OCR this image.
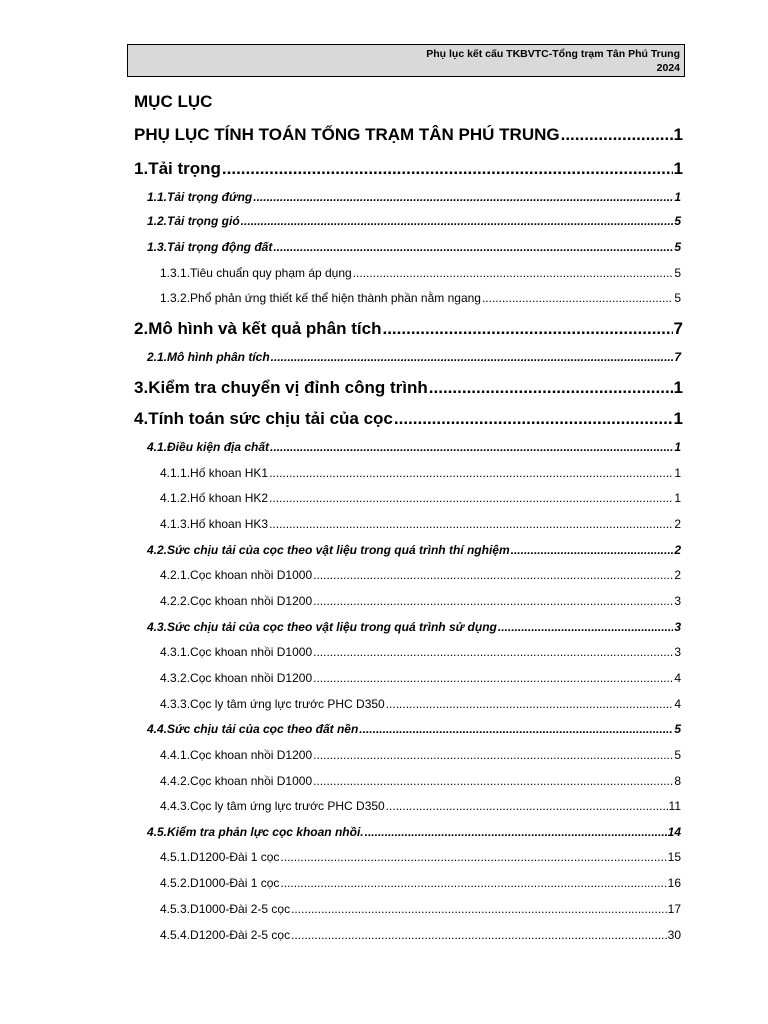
Phụ lục kết cấu TKBVTC-Tổng trạm Tân Phú Trung
2024
MỤC LỤC
PHỤ LỤC TÍNH TOÁN TỔNG TRẠM TÂN PHÚ TRUNG .....	1
1. Tải trọng .....	1
1.1. Tải trọng đứng .....	1
1.2. Tải trọng gió .....	5
1.3. Tải trọng động đất .....	5
1.3.1. Tiêu chuẩn quy phạm áp dụng .....	5
1.3.2. Phổ phản ứng thiết kế thể hiện thành phần nằm ngang .....	5
2. Mô hình và kết quả phân tích .....	7
2.1. Mô hình phân tích .....	7
3. Kiểm tra chuyển vị đỉnh công trình .....	1
4. Tính toán sức chịu tải của cọc .....	1
4.1. Điều kiện địa chất .....	1
4.1.1. Hố khoan HK1 .....	1
4.1.2. Hố khoan HK2 .....	1
4.1.3. Hố khoan HK3 .....	2
4.2. Sức chịu tải của cọc theo vật liệu trong quá trình thí nghiệm .....	2
4.2.1. Cọc khoan nhồi D1000 .....	2
4.2.2. Cọc khoan nhồi D1200 .....	3
4.3. Sức chịu tải của cọc theo vật liệu trong quá trình sử dụng .....	3
4.3.1. Cọc khoan nhồi D1000 .....	3
4.3.2. Cọc khoan nhồi D1200 .....	4
4.3.3. Cọc ly tâm ứng lực trước PHC D350 .....	4
4.4. Sức chịu tải của cọc theo đất nền .....	5
4.4.1. Cọc khoan nhồi D1200 .....	5
4.4.2. Cọc khoan nhồi D1000 .....	8
4.4.3. Cọc ly tâm ứng lực trước PHC D350 .....	11
4.5. Kiểm tra phản lực cọc khoan nhồi. .....	14
4.5.1. D1200-Đài 1 cọc .....	15
4.5.2. D1000-Đài 1 cọc .....	16
4.5.3. D1000-Đài 2-5 cọc .....	17
4.5.4. D1200-Đài 2-5 cọc .....	30
